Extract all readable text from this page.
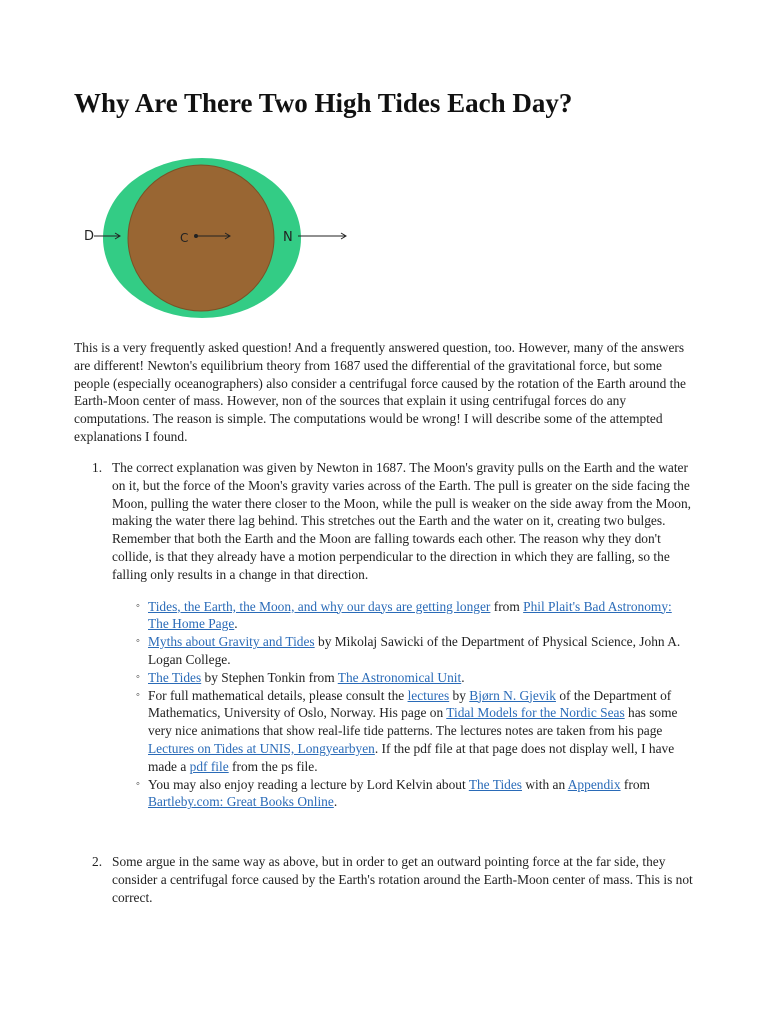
Why Are There Two High Tides Each Day?
D	C	N

This is a very frequently asked question! And a frequently answered question, too. However, many of the answers are different! Newton's equilibrium theory from 1687 used the differential of the gravitational force, but some people (especially oceanographers) also consider a centrifugal force caused by the rotation of the Earth around the Earth-Moon center of mass. However, non of the sources that explain it using centrifugal forces do any computations. The reason is simple. The computations would be wrong! I will describe some of the attempted explanations I found.

1. The correct explanation was given by Newton in 1687. The Moon's gravity pulls on the Earth and the water on it, but the force of the Moon's gravity varies across of the Earth. The pull is greater on the side facing the Moon, pulling the water there closer to the Moon, while the pull is weaker on the side away from the Moon, making the water there lag behind. This stretches out the Earth and the water on it, creating two bulges. Remember that both the Earth and the Moon are falling towards each other. The reason why they don't collide, is that they already have a motion perpendicular to the direction in which they are falling, so the falling only results in a change in that direction.
◦ Tides, the Earth, the Moon, and why our days are getting longer from Phil Plait's Bad Astronomy: The Home Page.
◦ Myths about Gravity and Tides by Mikolaj Sawicki of the Department of Physical Science, John A. Logan College.
◦ The Tides by Stephen Tonkin from The Astronomical Unit.
◦ For full mathematical details, please consult the lectures by Bjørn N. Gjevik of the Department of Mathematics, University of Oslo, Norway. His page on Tidal Models for the Nordic Seas has some very nice animations that show real-life tide patterns. The lectures notes are taken from his page Lectures on Tides at UNIS, Longyearbyen. If the pdf file at that page does not display well, I have made a pdf file from the ps file.
◦ You may also enjoy reading a lecture by Lord Kelvin about The Tides with an Appendix from Bartleby.com: Great Books Online.
2. Some argue in the same way as above, but in order to get an outward pointing force at the far side, they consider a centrifugal force caused by the Earth's rotation around the Earth-Moon center of mass. This is not correct.
